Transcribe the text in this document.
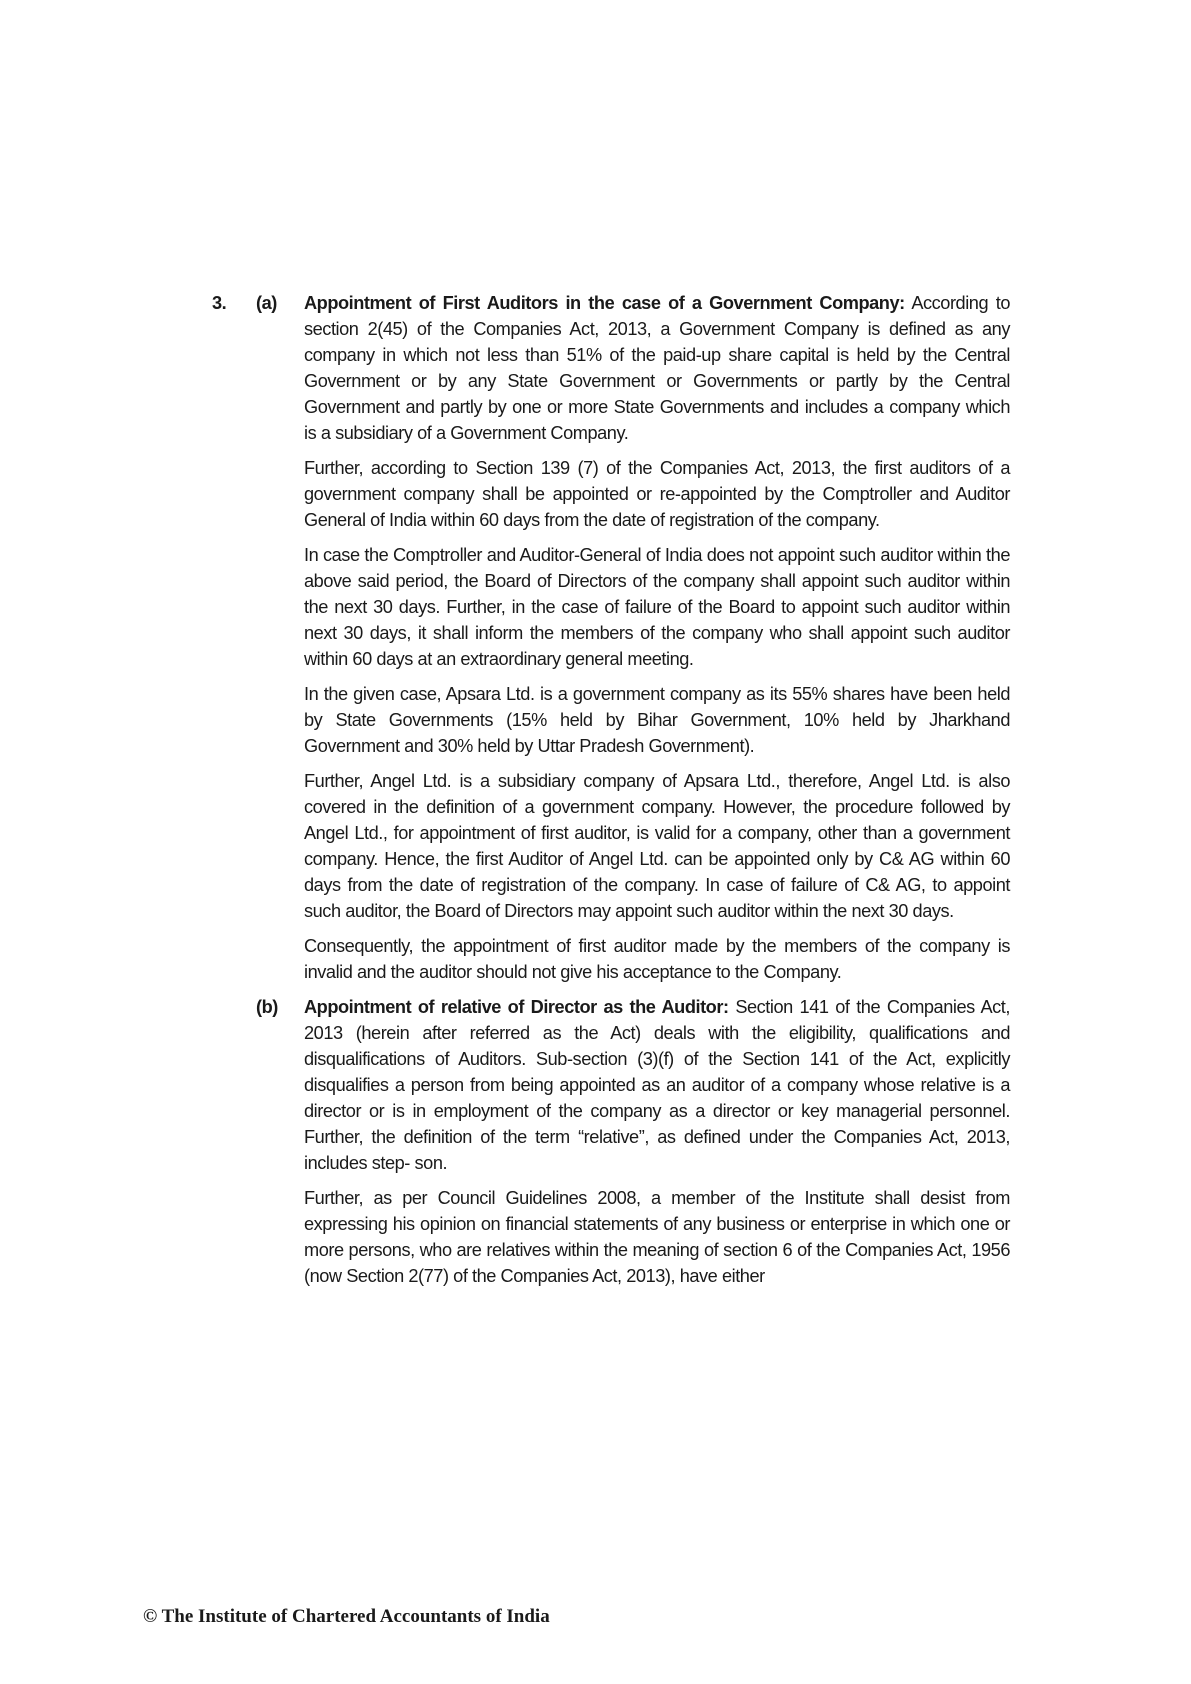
3. (a) Appointment of First Auditors in the case of a Government Company: According to section 2(45) of the Companies Act, 2013, a Government Company is defined as any company in which not less than 51% of the paid-up share capital is held by the Central Government or by any State Government or Governments or partly by the Central Government and partly by one or more State Governments and includes a company which is a subsidiary of a Government Company.

Further, according to Section 139 (7) of the Companies Act, 2013, the first auditors of a government company shall be appointed or re-appointed by the Comptroller and Auditor General of India within 60 days from the date of registration of the company.

In case the Comptroller and Auditor-General of India does not appoint such auditor within the above said period, the Board of Directors of the company shall appoint such auditor within the next 30 days. Further, in the case of failure of the Board to appoint such auditor within next 30 days, it shall inform the members of the company who shall appoint such auditor within 60 days at an extraordinary general meeting.

In the given case, Apsara Ltd. is a government company as its 55% shares have been held by State Governments (15% held by Bihar Government, 10% held by Jharkhand Government and 30% held by Uttar Pradesh Government).

Further, Angel Ltd. is a subsidiary company of Apsara Ltd., therefore, Angel Ltd. is also covered in the definition of a government company. However, the procedure followed by Angel Ltd., for appointment of first auditor, is valid for a company, other than a government company. Hence, the first Auditor of Angel Ltd. can be appointed only by C& AG within 60 days from the date of registration of the company. In case of failure of C& AG, to appoint such auditor, the Board of Directors may appoint such auditor within the next 30 days.

Consequently, the appointment of first auditor made by the members of the company is invalid and the auditor should not give his acceptance to the Company.

(b) Appointment of relative of Director as the Auditor: Section 141 of the Companies Act, 2013 (herein after referred as the Act) deals with the eligibility, qualifications and disqualifications of Auditors. Sub-section (3)(f) of the Section 141 of the Act, explicitly disqualifies a person from being appointed as an auditor of a company whose relative is a director or is in employment of the company as a director or key managerial personnel. Further, the definition of the term “relative”, as defined under the Companies Act, 2013, includes step- son.

Further, as per Council Guidelines 2008, a member of the Institute shall desist from expressing his opinion on financial statements of any business or enterprise in which one or more persons, who are relatives within the meaning of section 6 of the Companies Act, 1956 (now Section 2(77) of the Companies Act, 2013), have either

© The Institute of Chartered Accountants of India
